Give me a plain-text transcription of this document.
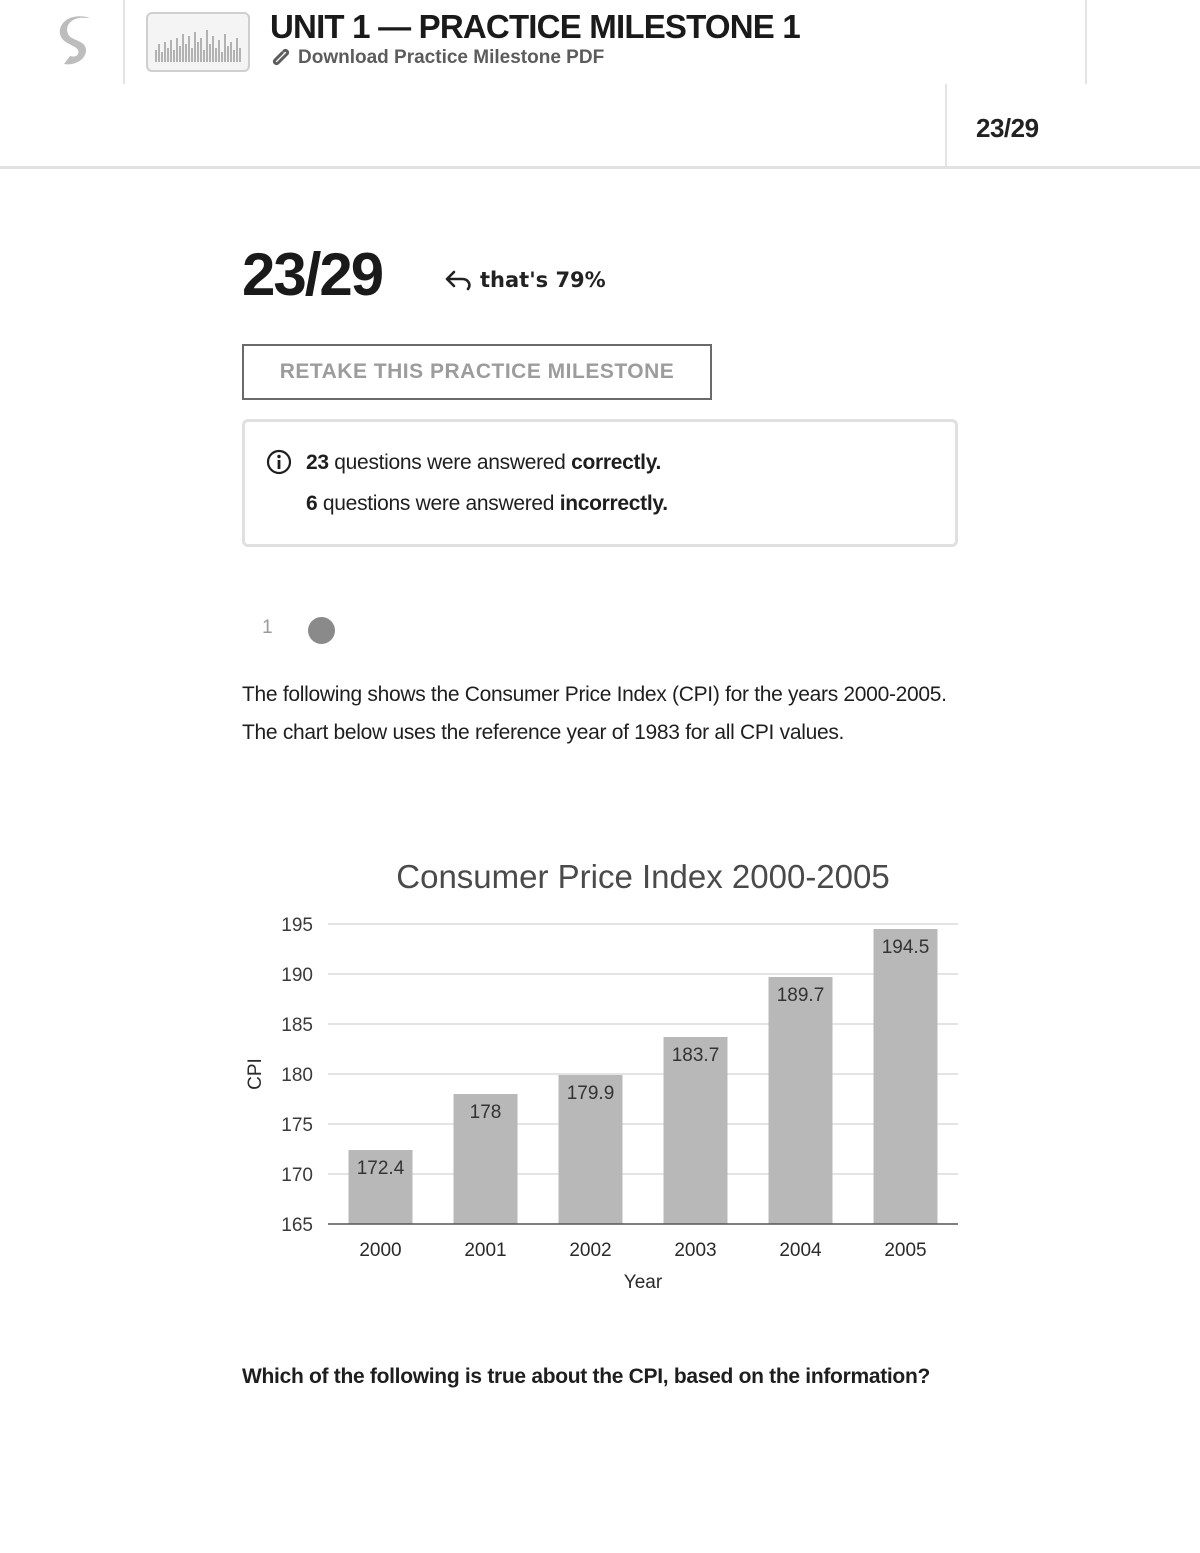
UNIT 1 — PRACTICE MILESTONE 1
Download Practice Milestone PDF
23/29
23/29	that's 79%
RETAKE THIS PRACTICE MILESTONE
23 questions were answered correctly.
6 questions were answered incorrectly.
1
The following shows the Consumer Price Index (CPI) for the years 2000-2005. The chart below uses the reference year of 1983 for all CPI values.
Consumer Price Index 2000-2005
165
170
175
180
185
190
195
172.4
2000
178
2001
179.9
2002
183.7
2003
189.7
2004
194.5
2005
Year
CPI
Which of the following is true about the CPI, based on the information?
